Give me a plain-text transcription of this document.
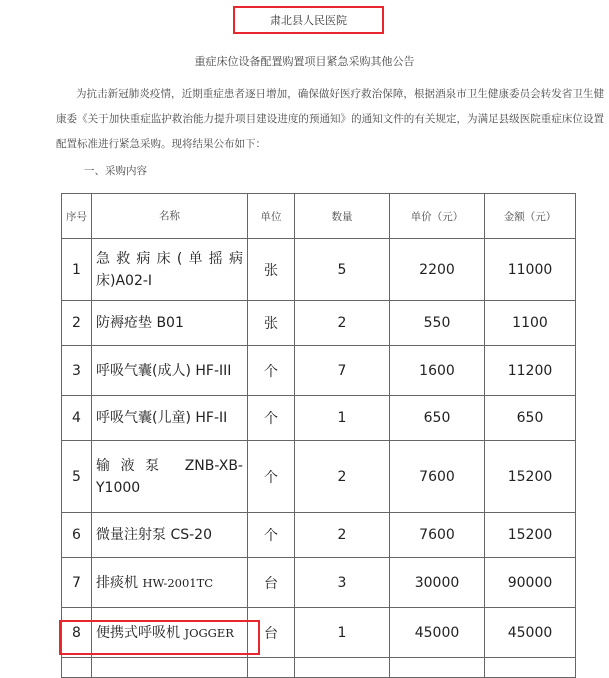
肃北县人民医院
重症床位设备配置购置项目紧急采购其他公告
为抗击新冠肺炎疫情，近期重症患者逐日增加，确保做好医疗救治保障，根据酒泉市卫生健康委员会转发省卫生健康委《关于加快重症监护救治能力提升项目建设进度的预通知》的通知文件的有关规定，为满足县级医院重症床位设置配置标准进行紧急采购。现将结果公布如下：
一、采购内容
序号	名称	单位	数量	单价（元）	金额（元）
1	急救病床(单摇病床)A02-I	张	5	2200	11000
2	防褥疮垫 B01	张	2	550	1100
3	呼吸气囊(成人) HF-III	个	7	1600	11200
4	呼吸气囊(儿童) HF-II	个	1	650	650
5	输液泵 ZNB-XB-Y1000	个	2	7600	15200
6	微量注射泵 CS-20	个	2	7600	15200
7	排痰机 HW-2001TC	台	3	30000	90000
8	便携式呼吸机 JOGGER	台	1	45000	45000
